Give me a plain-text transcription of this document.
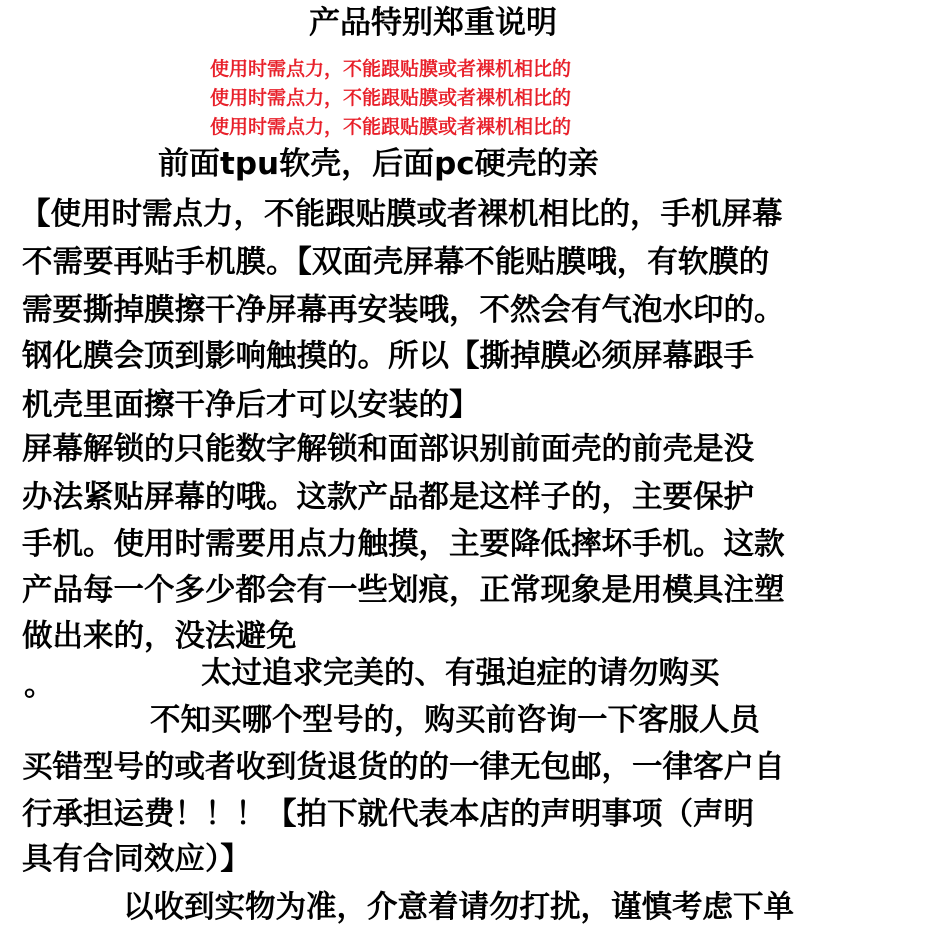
产品特别郑重说明
使用时需点力，不能跟贴膜或者裸机相比的
使用时需点力，不能跟贴膜或者裸机相比的
使用时需点力，不能跟贴膜或者裸机相比的
前面tpu软壳，后面pc硬壳的亲
【使用时需点力，不能跟贴膜或者裸机相比的，手机屏幕
不需要再贴手机膜。【双面壳屏幕不能贴膜哦，有软膜的
需要撕掉膜擦干净屏幕再安装哦，不然会有气泡水印的。
钢化膜会顶到影响触摸的。所以【撕掉膜必须屏幕跟手
机壳里面擦干净后才可以安装的】
屏幕解锁的只能数字解锁和面部识别前面壳的前壳是没
办法紧贴屏幕的哦。这款产品都是这样子的，主要保护
手机。使用时需要用点力触摸，主要降低摔坏手机。这款
产品每一个多少都会有一些划痕，正常现象是用模具注塑
做出来的，没法避免
。	太过追求完美的、有强迫症的请勿购买
不知买哪个型号的，购买前咨询一下客服人员
买错型号的或者收到货退货的的一律无包邮，一律客户自
行承担运费！！！【拍下就代表本店的声明事项（声明
具有合同效应）】
以收到实物为准，介意着请勿打扰，谨慎考虑下单
